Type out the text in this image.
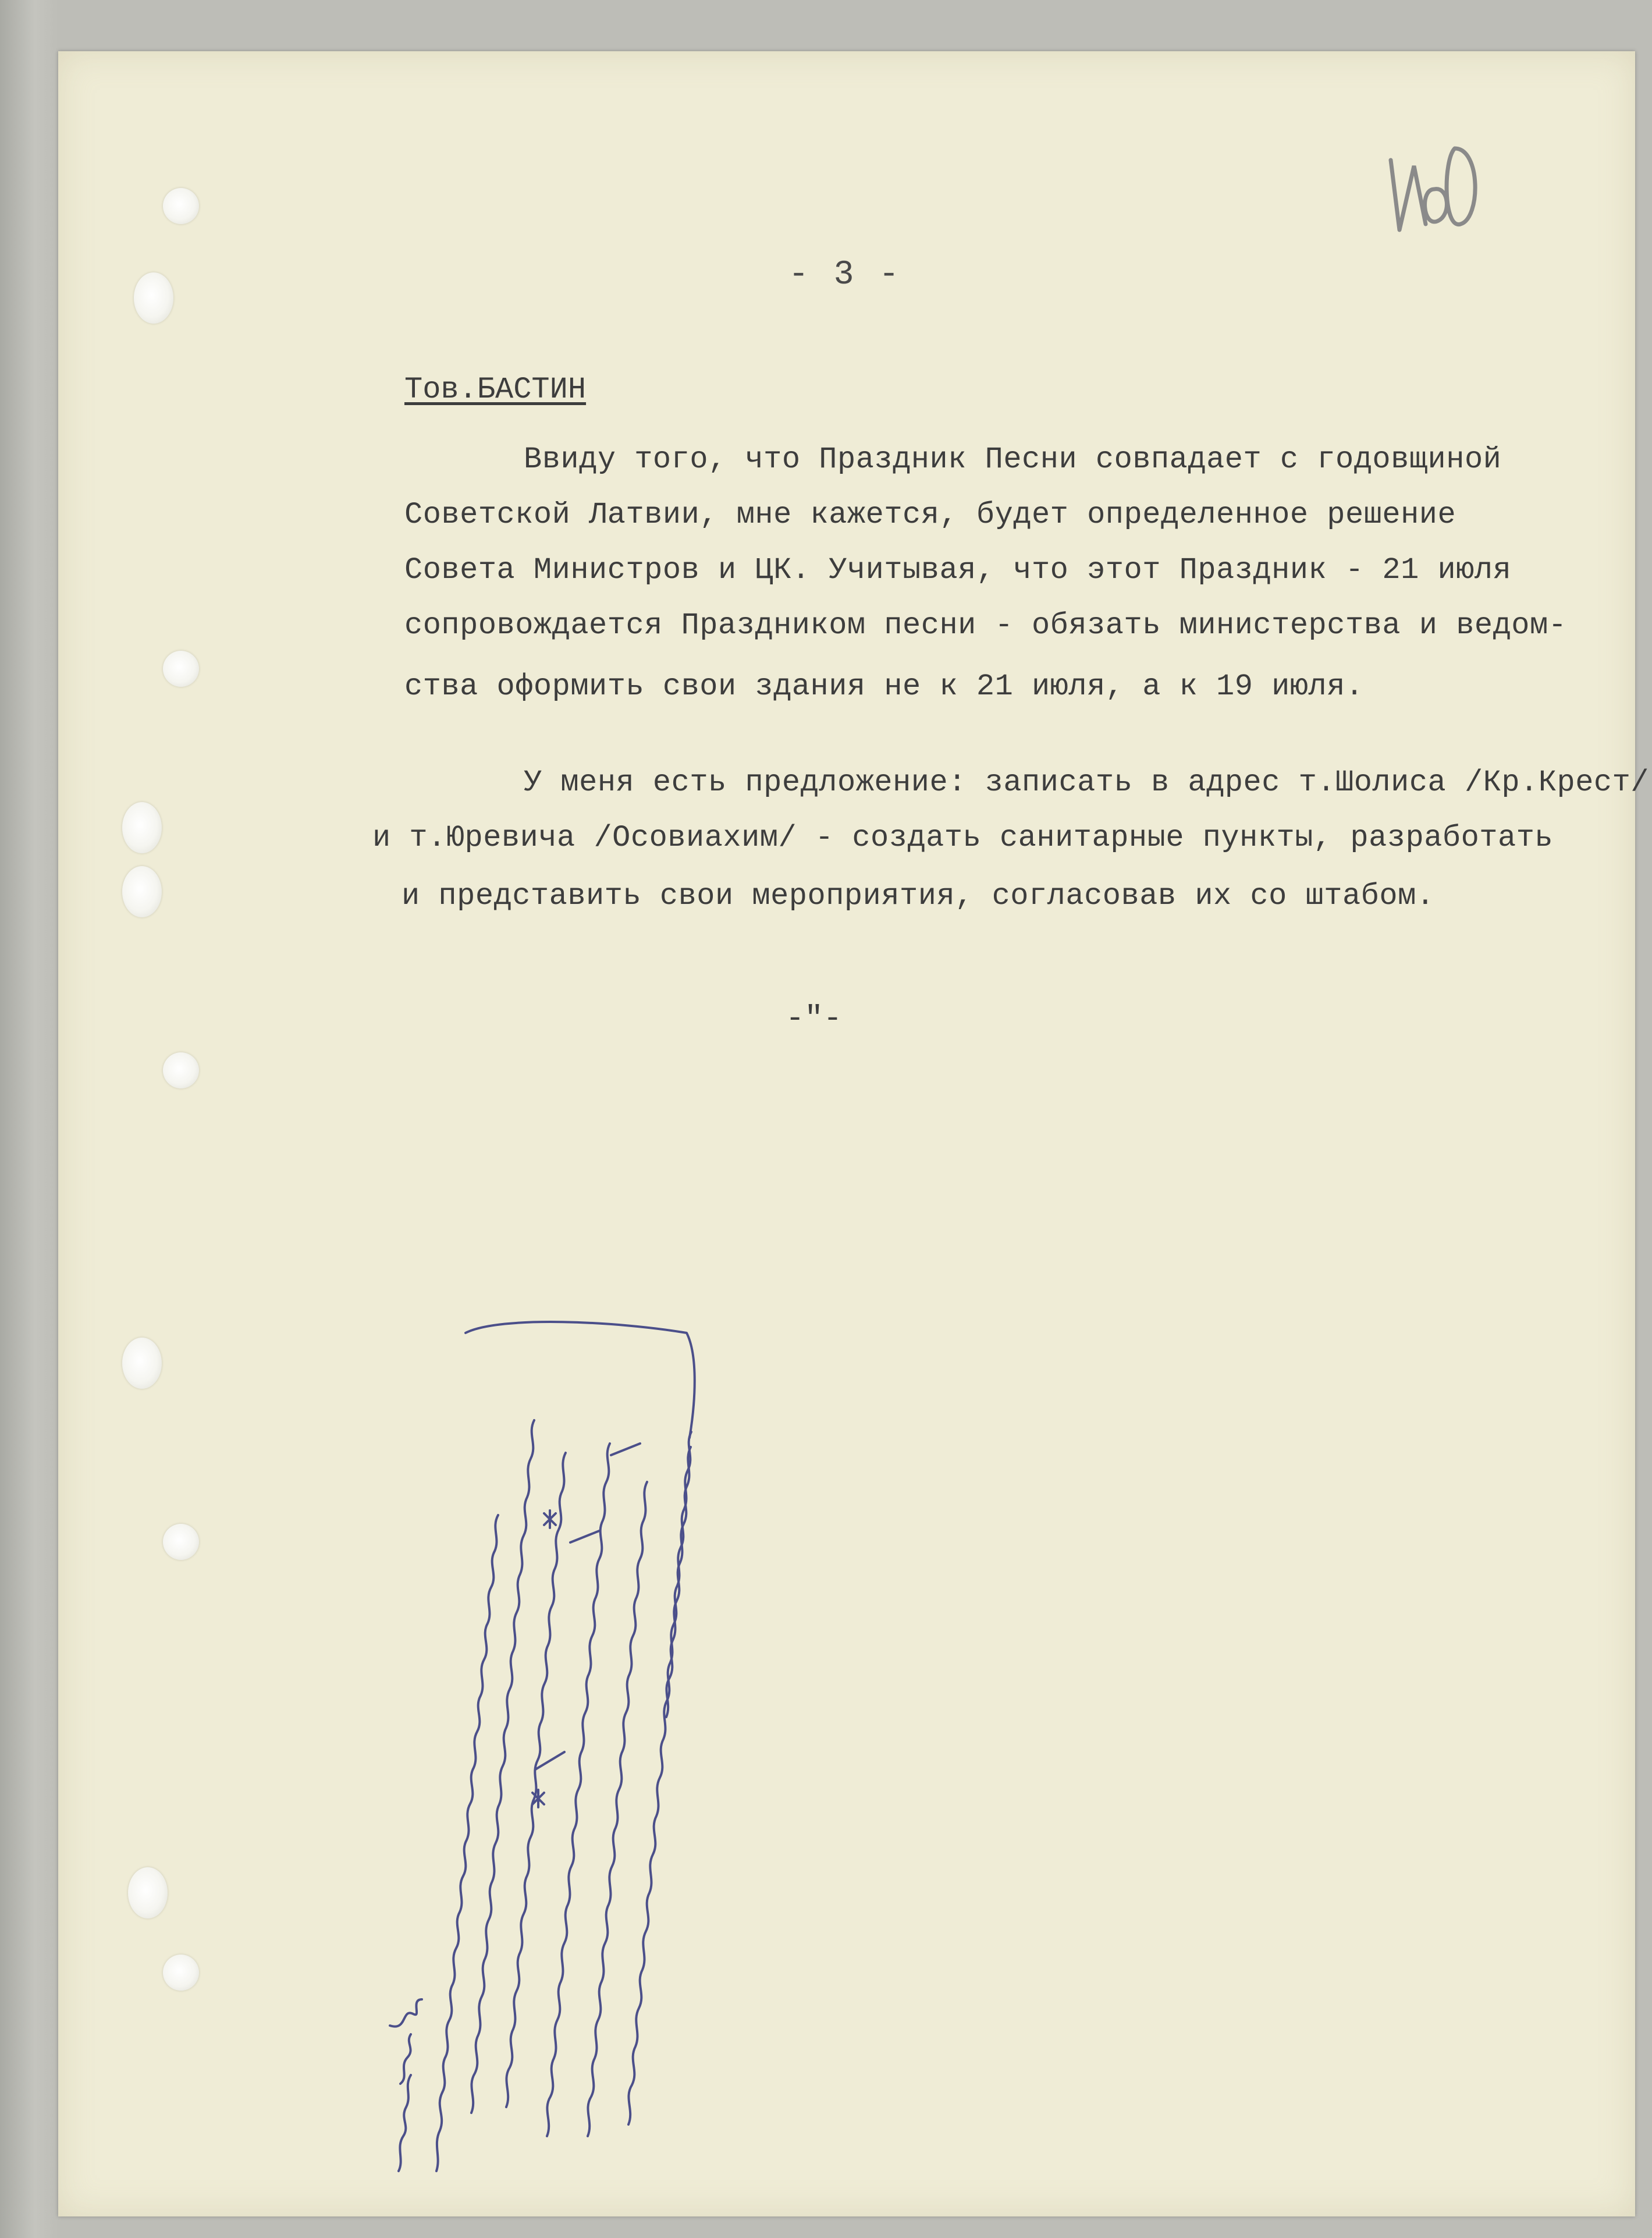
- 3 -
Тов.БАСТИН
Ввиду того, что Праздник Песни совпадает с годовщиной
Советской Латвии, мне кажется, будет определенное решение
Совета Министров и ЦК. Учитывая, что этот Праздник - 21 июля
сопровождается Праздником песни - обязать министерства и ведом-
ства оформить свои здания не к 21 июля, а к 19 июля.
У меня есть предложение: записать в адрес т.Шолиса /Кр.Крест/
и т.Юревича /Осовиахим/ - создать санитарные пункты, разработать
и представить свои мероприятия, согласовав их со штабом.
-"-
